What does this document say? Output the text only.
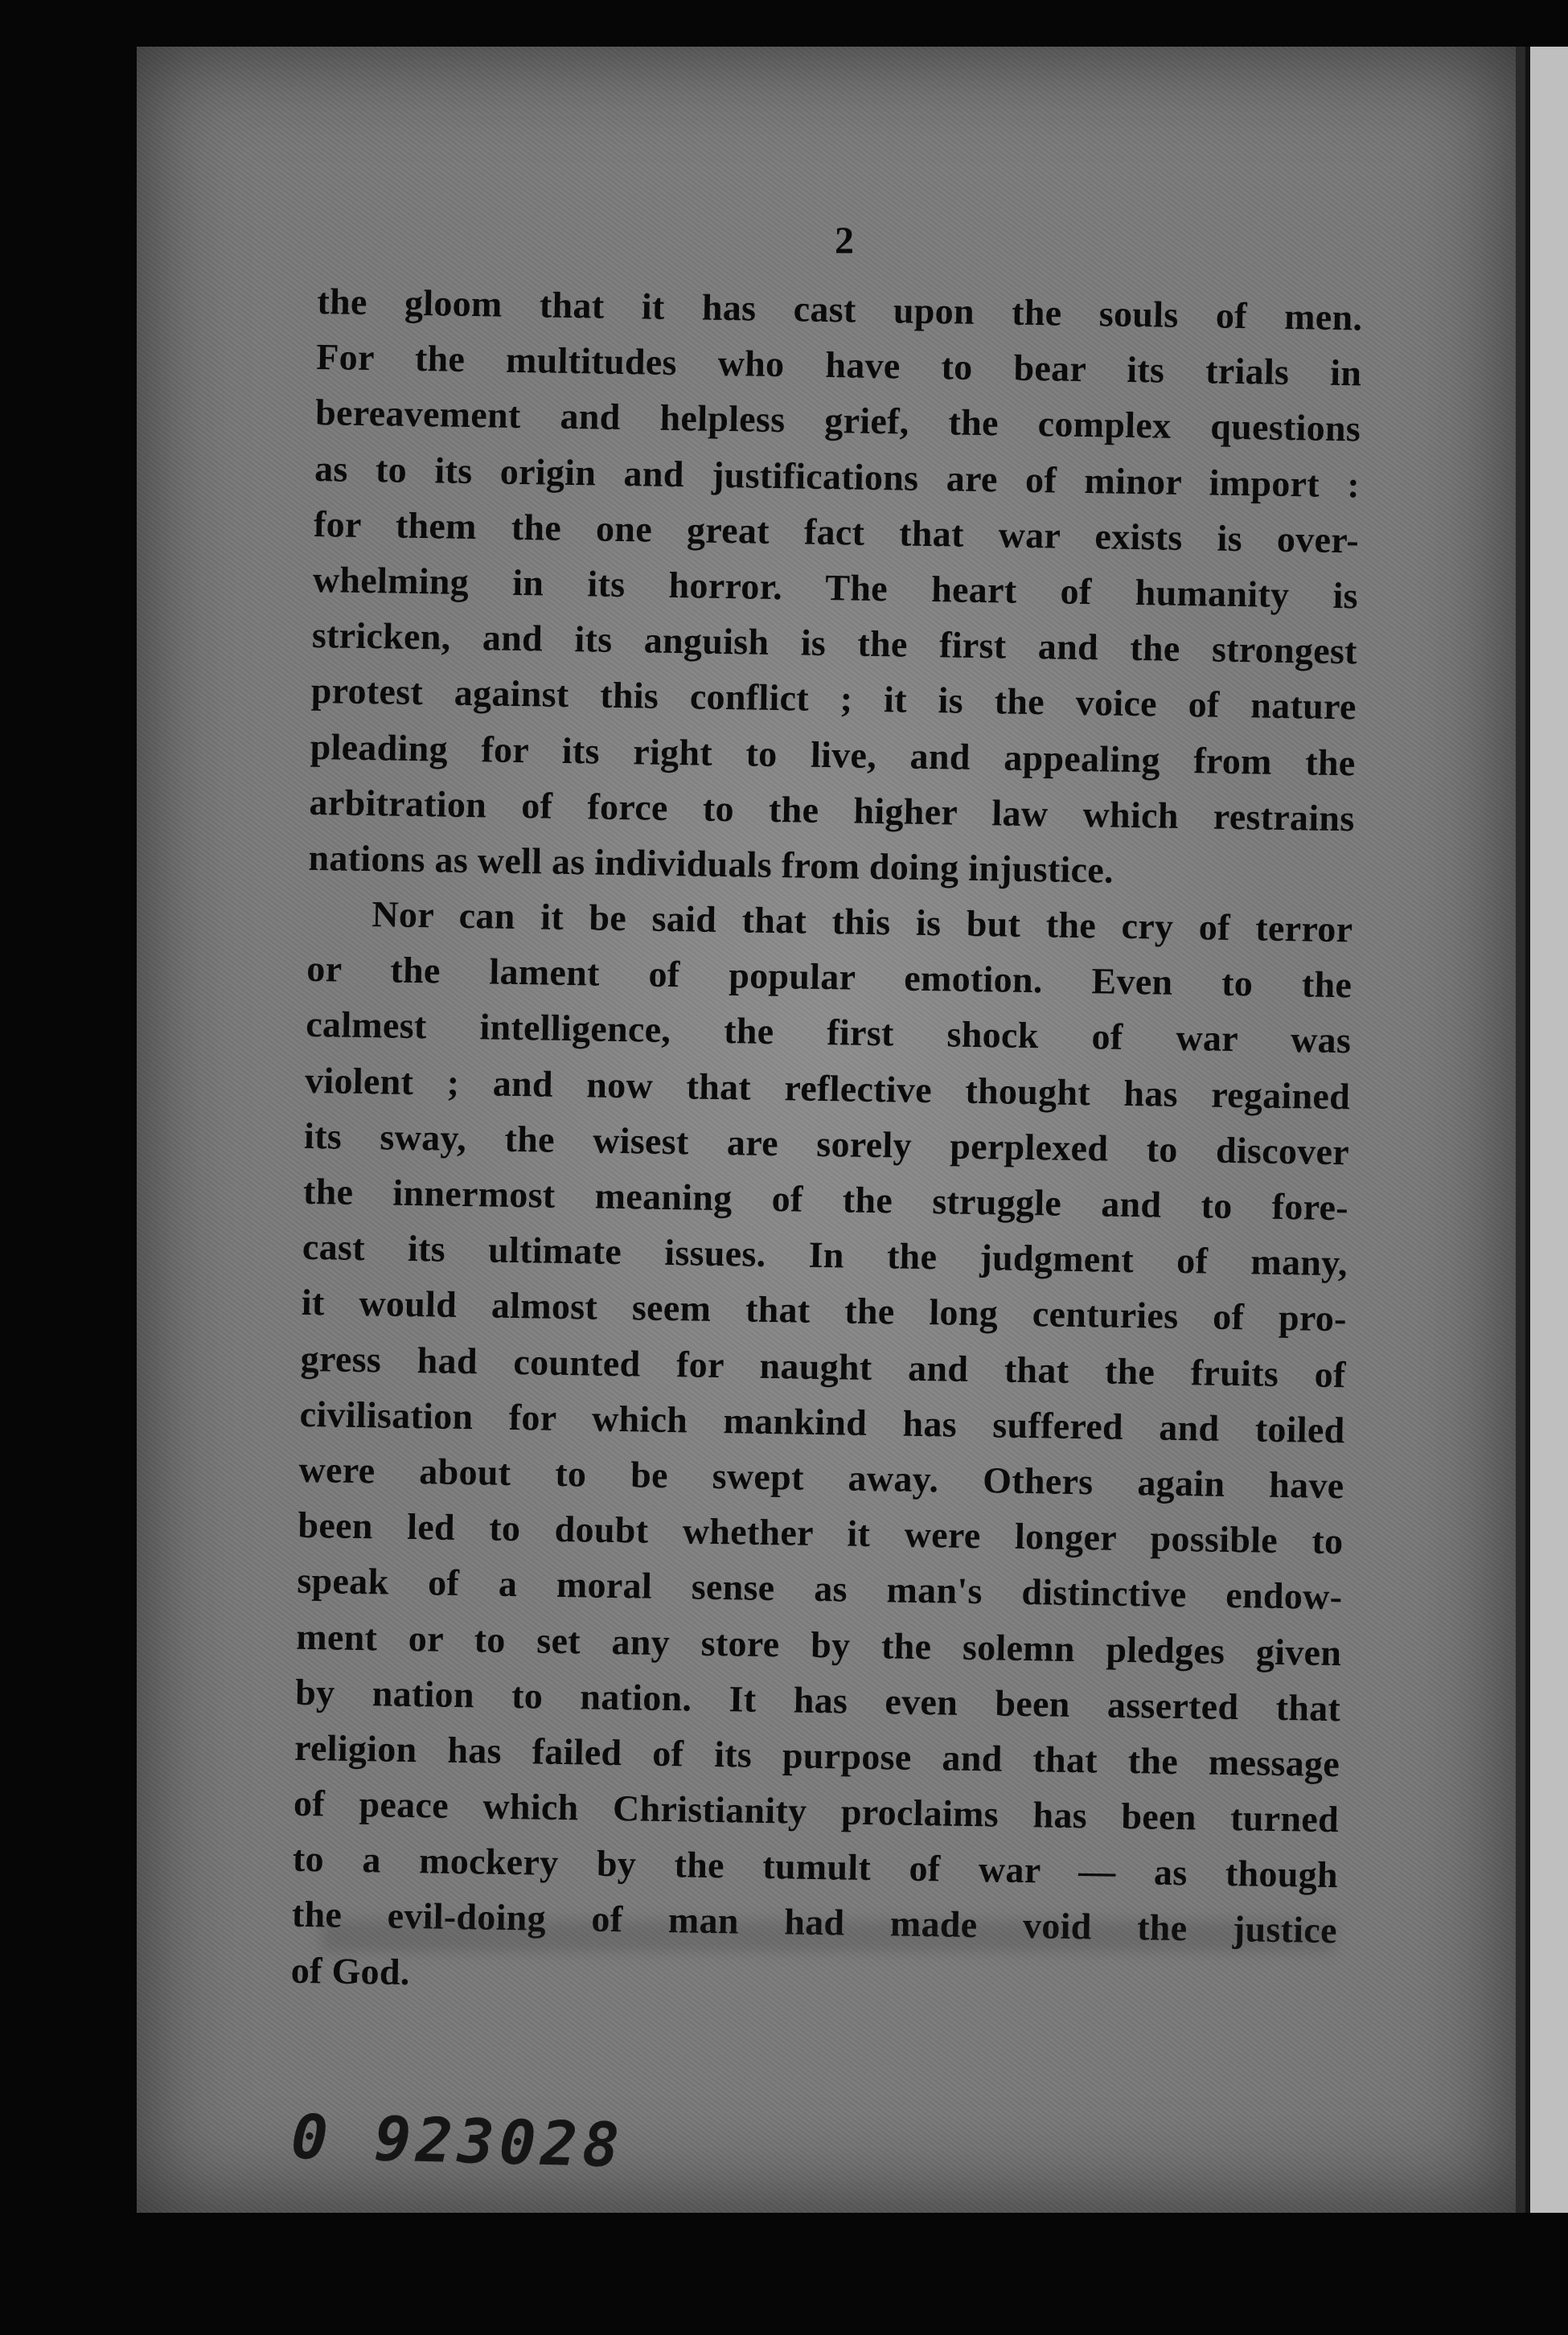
2
the gloom that it has cast upon the souls of men.
For the multitudes who have to bear its trials in
bereavement and helpless grief, the complex questions
as to its origin and justifications are of minor import :
for them the one great fact that war exists is over-
whelming in its horror. The heart of humanity is
stricken, and its anguish is the first and the strongest
protest against this conflict ; it is the voice of nature
pleading for its right to live, and appealing from the
arbitration of force to the higher law which restrains
nations as well as individuals from doing injustice.
Nor can it be said that this is but the cry of terror
or the lament of popular emotion. Even to the
calmest intelligence, the first shock of war was
violent ; and now that reflective thought has regained
its sway, the wisest are sorely perplexed to discover
the innermost meaning of the struggle and to fore-
cast its ultimate issues. In the judgment of many,
it would almost seem that the long centuries of pro-
gress had counted for naught and that the fruits of
civilisation for which mankind has suffered and toiled
were about to be swept away. Others again have
been led to doubt whether it were longer possible to
speak of a moral sense as man's distinctive endow-
ment or to set any store by the solemn pledges given
by nation to nation. It has even been asserted that
religion has failed of its purpose and that the message
of peace which Christianity proclaims has been turned
to a mockery by the tumult of war — as though
the evil-doing of man had made void the justice
of God.
0 923028
